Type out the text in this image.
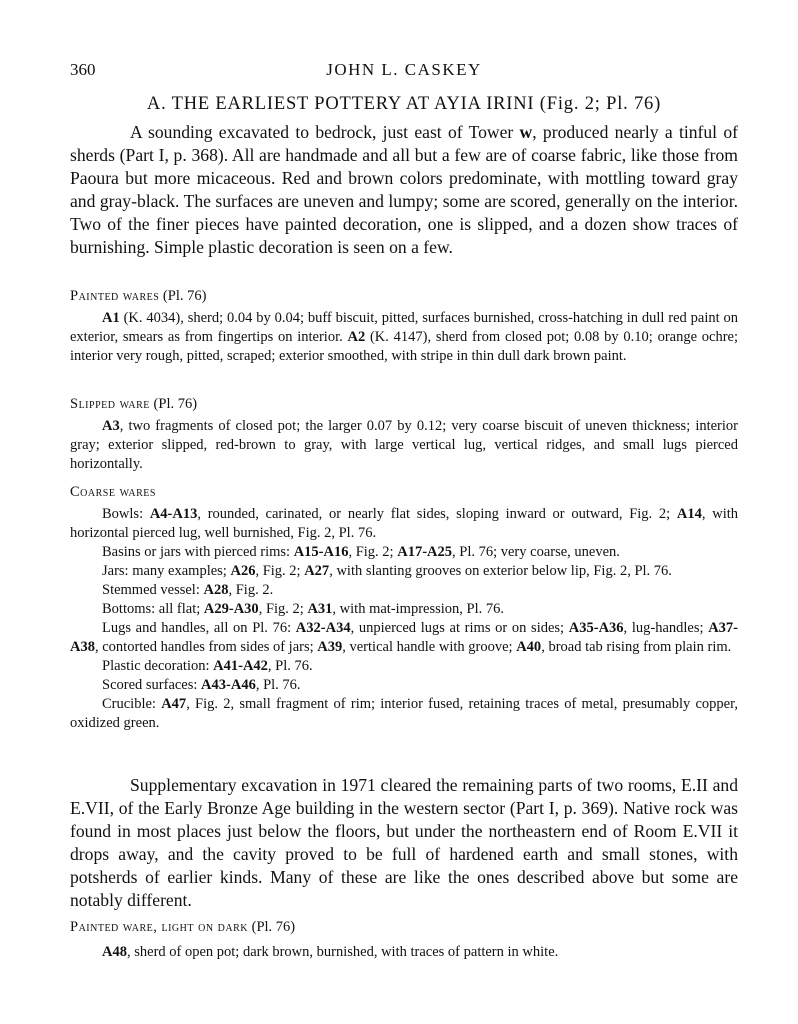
360	JOHN L. CASKEY
A. THE EARLIEST POTTERY AT AYIA IRINI (Fig. 2; Pl. 76)

A sounding excavated to bedrock, just east of Tower w, produced nearly a tinful of sherds (Part I, p. 368). All are handmade and all but a few are of coarse fabric, like those from Paoura but more micaceous. Red and brown colors predominate, with mottling toward gray and gray-black. The surfaces are uneven and lumpy; some are scored, generally on the interior. Two of the finer pieces have painted decoration, one is slipped, and a dozen show traces of burnishing. Simple plastic decoration is seen on a few.

Painted wares (Pl. 76)

A1 (K. 4034), sherd; 0.04 by 0.04; buff biscuit, pitted, surfaces burnished, cross-hatching in dull red paint on exterior, smears as from fingertips on interior. A2 (K. 4147), sherd from closed pot; 0.08 by 0.10; orange ochre; interior very rough, pitted, scraped; exterior smoothed, with stripe in thin dull dark brown paint.

Slipped ware (Pl. 76)

A3, two fragments of closed pot; the larger 0.07 by 0.12; very coarse biscuit of uneven thickness; interior gray; exterior slipped, red-brown to gray, with large vertical lug, vertical ridges, and small lugs pierced horizontally.

Coarse wares

Bowls: A4-A13, rounded, carinated, or nearly flat sides, sloping inward or outward, Fig. 2; A14, with horizontal pierced lug, well burnished, Fig. 2, Pl. 76.

Basins or jars with pierced rims: A15-A16, Fig. 2; A17-A25, Pl. 76; very coarse, uneven.

Jars: many examples; A26, Fig. 2; A27, with slanting grooves on exterior below lip, Fig. 2, Pl. 76.

Stemmed vessel: A28, Fig. 2.

Bottoms: all flat; A29-A30, Fig. 2; A31, with mat-impression, Pl. 76.

Lugs and handles, all on Pl. 76: A32-A34, unpierced lugs at rims or on sides; A35-A36, lug-handles; A37-A38, contorted handles from sides of jars; A39, vertical handle with groove; A40, broad tab rising from plain rim.

Plastic decoration: A41-A42, Pl. 76.

Scored surfaces: A43-A46, Pl. 76.

Crucible: A47, Fig. 2, small fragment of rim; interior fused, retaining traces of metal, presumably copper, oxidized green.

Supplementary excavation in 1971 cleared the remaining parts of two rooms, E.II and E.VII, of the Early Bronze Age building in the western sector (Part I, p. 369). Native rock was found in most places just below the floors, but under the northeastern end of Room E.VII it drops away, and the cavity proved to be full of hardened earth and small stones, with potsherds of earlier kinds. Many of these are like the ones described above but some are notably different.

Painted ware, light on dark (Pl. 76)

A48, sherd of open pot; dark brown, burnished, with traces of pattern in white.
